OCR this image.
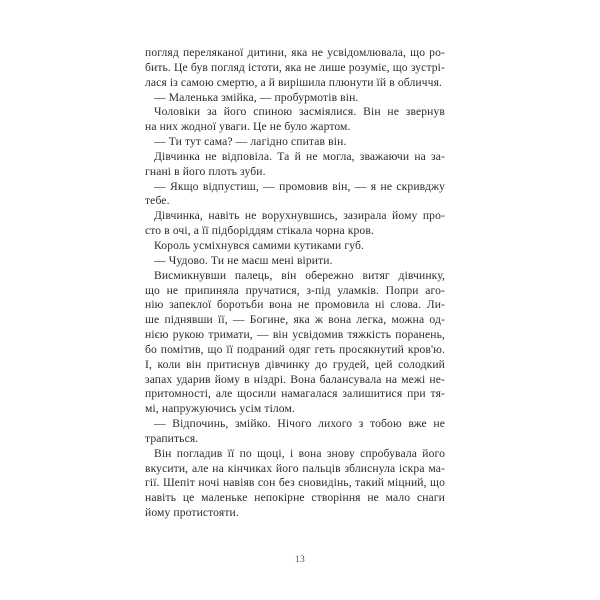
погляд переляканої дитини, яка не усвідомлювала, що ро-
бить. Це був погляд істоти, яка не лише розуміє, що зустрі-
лася із самою смертю, а й вирішила плюнути їй в обличчя.

— Маленька змійка, — пробурмотів він.

Чоловіки за його спиною засміялися. Він не звернув
на них жодної уваги. Це не було жартом.

— Ти тут сама? — лагідно спитав він.

Дівчинка не відповіла. Та й не могла, зважаючи на за-
гнані в його плоть зуби.

— Якщо відпустиш, — промовив він, — я не скривджу
тебе.

Дівчинка, навіть не ворухнувшись, зазирала йому про-
сто в очі, а її підборіддям стікала чорна кров.

Король усміхнувся самими кутиками губ.

— Чудово. Ти не маєш мені вірити.

Висмикнувши палець, він обережно витяг дівчинку,
що не припиняла пручатися, з-під уламків. Попри аго-
нію запеклої боротьби вона не промовила ні слова. Ли-
ше піднявши її, — Богине, яка ж вона легка, можна од-
нією рукою тримати, — він усвідомив тяжкість поранень,
бо помітив, що її подраний одяг геть просякнутий кров'ю.
І, коли він притиснув дівчинку до грудей, цей солодкий
запах ударив йому в ніздрі. Вона балансувала на межі не-
притомності, але щосили намагалася залишитися при тя-
мі, напружуючись усім тілом.

— Відпочинь, змійко. Нічого лихого з тобою вже не
трапиться.

Він погладив її по щоці, і вона знову спробувала його
вкусити, але на кінчиках його пальців зблиснула іскра ма-
гії. Шепіт ночі навіяв сон без сновидінь, такий міцний, що
навіть це маленьке непокірне створіння не мало снаги
йому протистояти.

13
